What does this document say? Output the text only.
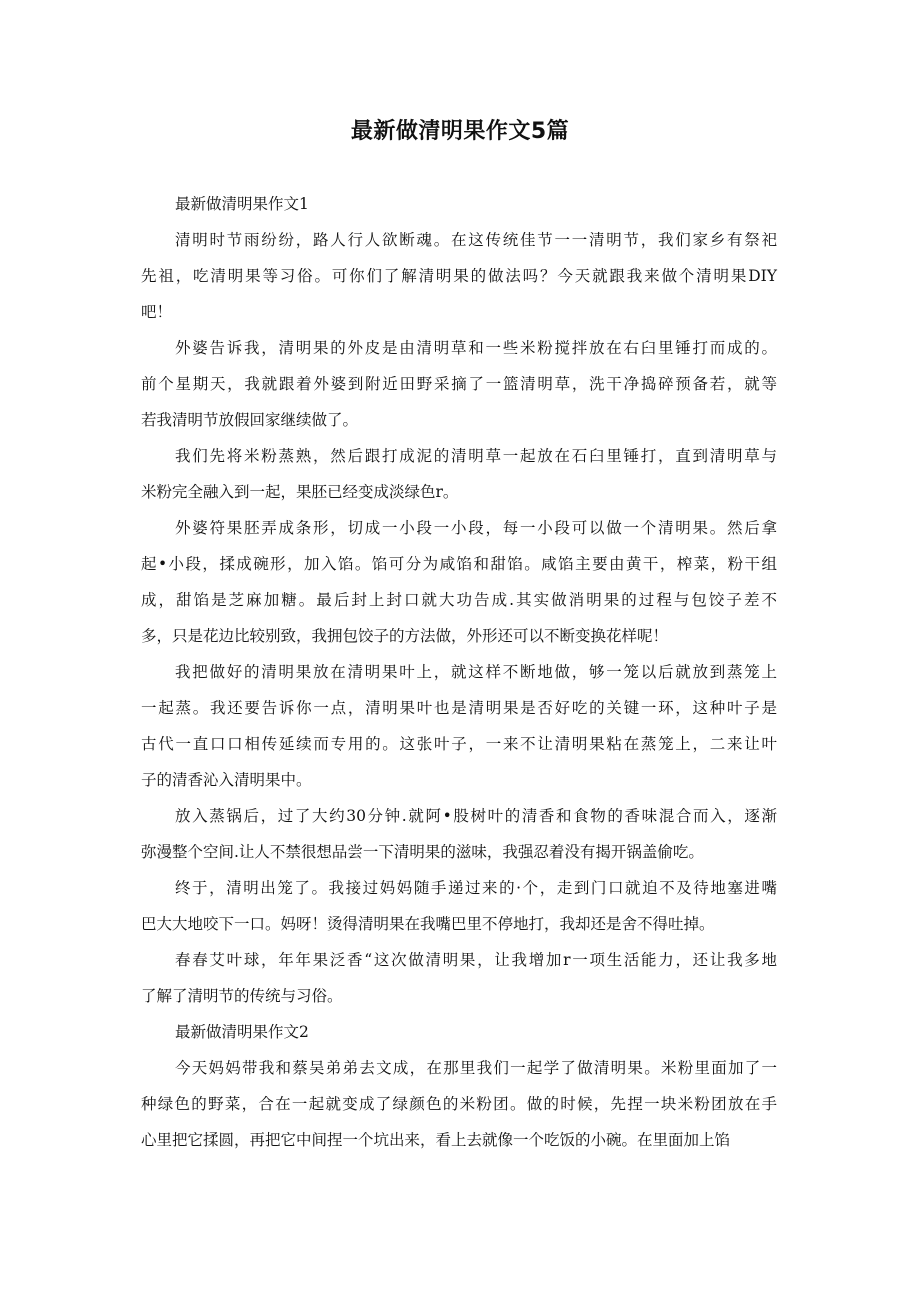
最新做清明果作文5篇

最新做清明果作文1

清明时节雨纷纷，路人行人欲断魂。在这传统佳节一一清明节，我们家乡有祭祀
先祖，吃清明果等习俗。可你们了解清明果的做法吗？今天就跟我来做个清明果DIY
吧！

外婆告诉我，清明果的外皮是由清明草和一些米粉搅拌放在右臼里锤打而成的。
前个星期天，我就跟着外婆到附近田野采摘了一篮清明草，洗干净捣碎预备若，就等
若我清明节放假回家继续做了。

我们先将米粉蒸熟，然后跟打成泥的清明草一起放在石臼里锤打，直到清明草与
米粉完全融入到一起，果胚已经变成淡绿色r。

外婆符果胚弄成条形，切成一小段一小段，每一小段可以做一个清明果。然后拿
起•小段，揉成碗形，加入馅。馅可分为咸馅和甜馅。咸馅主要由黄干，榨菜，粉干组
成，甜馅是芝麻加糖。最后封上封口就大功告成.其实做消明果的过程与包饺子差不
多，只是花边比较别致，我拥包饺子的方法做，外形还可以不断变换花样呢！

我把做好的清明果放在清明果叶上，就这样不断地做，够一笼以后就放到蒸笼上
一起蒸。我还要告诉你一点，清明果叶也是清明果是否好吃的关键一环，这种叶子是
古代一直口口相传延续而专用的。这张叶子，一来不让清明果粘在蒸笼上，二来让叶
子的清香沁入清明果中。

放入蒸锅后，过了大约30分钟.就阿•股树叶的清香和食物的香味混合而入，逐渐
弥漫整个空间.让人不禁很想品尝一下清明果的滋味，我强忍着没有揭开锅盖偷吃。

终于，清明出笼了。我接过妈妈随手递过来的·个，走到门口就迫不及待地塞进嘴
巴大大地咬下一口。妈呀！烫得清明果在我嘴巴里不停地打，我却还是舍不得吐掉。

春春艾叶球，年年果泛香“这次做清明果，让我增加r一项生活能力，还让我多地
了解了清明节的传统与习俗。

最新做清明果作文2

今天妈妈带我和蔡吴弟弟去文成，在那里我们一起学了做清明果。米粉里面加了一
种绿色的野菜，合在一起就变成了绿颜色的米粉团。做的时候，先捏一块米粉团放在手
心里把它揉圆，再把它中间捏一个坑出来，看上去就像一个吃饭的小碗。在里面加上馅
